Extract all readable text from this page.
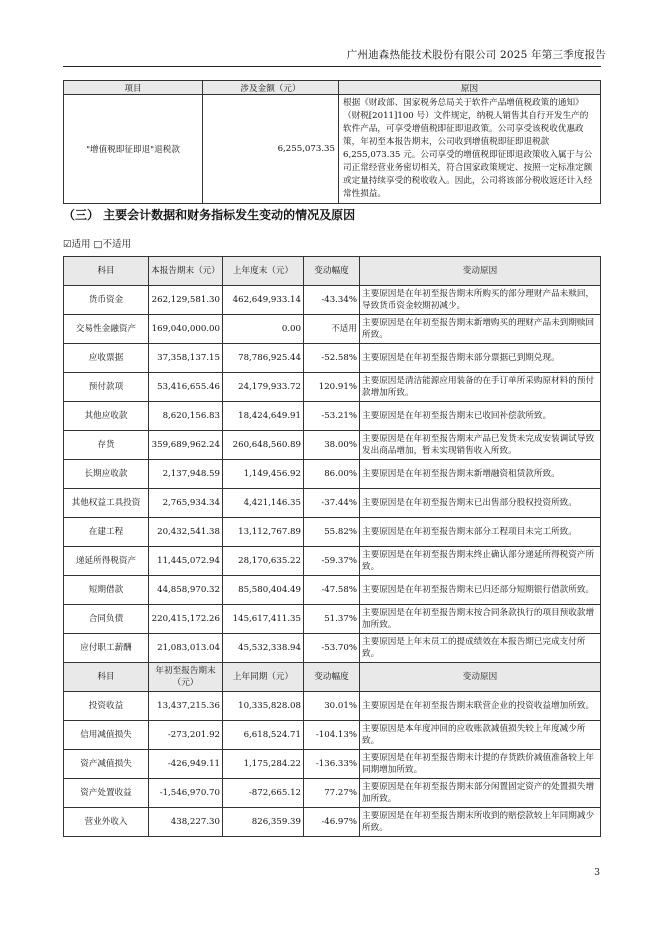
广州迪森热能技术股份有限公司 2025 年第三季度报告
项目	涉及金额（元）	原因
"增值税即征即退"退税款	6,255,073.35	根据《财政部、国家税务总局关于软件产品增值税政策的通知》（财税[2011]100 号）文件规定，纳税人销售其自行开发生产的软件产品，可享受增值税即征即退政策。公司享受该税收优惠政策，年初至本报告期末，公司收到增值税即征即退税款 6,255,073.35 元。公司享受的增值税即征即退政策收入属于与公司正常经营业务密切相关，符合国家政策规定、按照一定标准定额或定量持续享受的税收收入。因此，公司将该部分税收返还计入经常性损益。
（三） 主要会计数据和财务指标发生变动的情况及原因
☑适用 □不适用
科目	本报告期末（元）	上年度末（元）	变动幅度	变动原因
货币资金	262,129,581.30	462,649,933.14	-43.34%	主要原因是在年初至报告期末所购买的部分理财产品未赎回，导致货币资金较期初减少。
交易性金融资产	169,040,000.00	0.00	不适用	主要原因是在年初至报告期末新增购买的理财产品未到期赎回所致。
应收票据	37,358,137.15	78,786,925.44	-52.58%	主要原因是在年初至报告期末部分票据已到期兑现。
预付款项	53,416,655.46	24,179,933.72	120.91%	主要原因是清洁能源应用装备的在手订单所采购原材料的预付款增加所致。
其他应收款	8,620,156.83	18,424,649.91	-53.21%	主要原因是在年初至报告期末已收回补偿款所致。
存货	359,689,962.24	260,648,560.89	38.00%	主要原因是在年初至报告期末产品已发货未完成安装调试导致发出商品增加，暂未实现销售收入所致。
长期应收款	2,137,948.59	1,149,456.92	86.00%	主要原因是在年初至报告期末新增融资租赁款所致。
其他权益工具投资	2,765,934.34	4,421,146.35	-37.44%	主要原因是在年初至报告期末已出售部分股权投资所致。
在建工程	20,432,541.38	13,112,767.89	55.82%	主要原因是在年初至报告期末部分工程项目未完工所致。
递延所得税资产	11,445,072.94	28,170,635.22	-59.37%	主要原因是在年初至报告期末终止确认部分递延所得税资产所致。
短期借款	44,858,970.32	85,580,404.49	-47.58%	主要原因是在年初至报告期末已归还部分短期银行借款所致。
合同负债	220,415,172.26	145,617,411.35	51.37%	主要原因是在年初至报告期末按合同条款执行的项目预收款增加所致。
应付职工薪酬	21,083,013.04	45,532,338.94	-53.70%	主要原因是上年末员工的提成绩效在本报告期已完成支付所致。
科目	年初至报告期末（元）	上年同期（元）	变动幅度	变动原因
投资收益	13,437,215.36	10,335,828.08	30.01%	主要原因是在年初至报告期末联营企业的投资收益增加所致。
信用减值损失	-273,201.92	6,618,524.71	-104.13%	主要原因是本年度冲回的应收账款减值损失较上年度减少所致。
资产减值损失	-426,949.11	1,175,284.22	-136.33%	主要原因是在年初至报告期末计提的存货跌价减值准备较上年同期增加所致。
资产处置收益	-1,546,970.70	-872,665.12	77.27%	主要原因是在年初至报告期末部分闲置固定资产的处置损失增加所致。
营业外收入	438,227.30	826,359.39	-46.97%	主要原因是在年初至报告期末所收到的赔偿款较上年同期减少所致。
3
